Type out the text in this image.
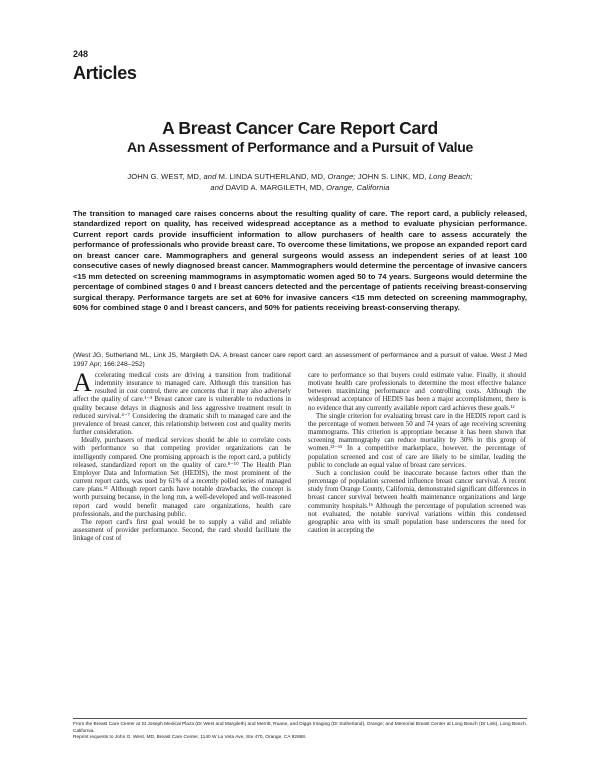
248
Articles
A Breast Cancer Care Report Card
An Assessment of Performance and a Pursuit of Value
JOHN G. WEST, MD, and M. LINDA SUTHERLAND, MD, Orange; JOHN S. LINK, MD, Long Beach;
and DAVID A. MARGILETH, MD, Orange, California
The transition to managed care raises concerns about the resulting quality of care. The report card, a publicly released, standardized report on quality, has received widespread acceptance as a method to evaluate physician performance. Current report cards provide insufficient information to allow purchasers of health care to assess accurately the performance of professionals who provide breast care. To overcome these limitations, we propose an expanded report card on breast cancer care. Mammographers and general surgeons would assess an independent series of at least 100 consecutive cases of newly diagnosed breast cancer. Mammographers would determine the percentage of invasive cancers <15 mm detected on screening mammograms in asymptomatic women aged 50 to 74 years. Surgeons would determine the percentage of combined stages 0 and I breast cancers detected and the percentage of patients receiving breast-conserving surgical therapy. Performance targets are set at 60% for invasive cancers <15 mm detected on screening mammography, 60% for combined stage 0 and I breast cancers, and 50% for patients receiving breast-conserving therapy.
(West JG, Sutherland ML, Link JS, Margileth DA. A breast cancer care report card: an assessment of performance and a pursuit of value. West J Med 1997 Apr; 166:248–252)

Accelerating medical costs are driving a transition from traditional indemnity insurance to managed care. Although this transition has resulted in cost control, there are concerns that it may also adversely affect the quality of care.¹⁻³ Breast cancer care is vulnerable to reductions in quality because delays in diagnosis and less aggressive treatment result in reduced survival.⁴⁻⁷ Considering the dramatic shift to managed care and the prevalence of breast cancer, this relationship between cost and quality merits further consideration.

Ideally, purchasers of medical services should be able to correlate costs with performance so that competing provider organizations can be intelligently compared. One promising approach is the report card, a publicly released, standardized report on the quality of care.⁸⁻¹⁰ The Health Plan Employer Data and Information Set (HEDIS), the most prominent of the current report cards, was used by 61% of a recently polled series of managed care plans.¹¹ Although report cards have notable drawbacks, the concept is worth pursuing because, in the long run, a well-developed and well-reasoned report card would benefit managed care organizations, health care professionals, and the purchasing public.

The report card's first goal would be to supply a valid and reliable assessment of provider performance. Second, the card should facilitate the linkage of cost of

care to performance so that buyers could estimate value. Finally, it should motivate health care professionals to determine the most effective balance between maximizing performance and controlling costs. Although the widespread acceptance of HEDIS has been a major accomplishment, there is no evidence that any currently available report card achieves these goals.¹²

The single criterion for evaluating breast care in the HEDIS report card is the percentage of women between 50 and 74 years of age receiving screening mammograms. This criterion is appropriate because it has been shown that screening mammography can reduce mortality by 30% in this group of women.¹³⁻¹⁵ In a competitive marketplace, however, the percentage of population screened and cost of care are likely to be similar, leading the public to conclude an equal value of breast care services.

Such a conclusion could be inaccurate because factors other than the percentage of population screened influence breast cancer survival. A recent study from Orange County, California, demonstrated significant differences in breast cancer survival between health maintenance organizations and large community hospitals.¹⁶ Although the percentage of population screened was not evaluated, the notable survival variations within this condensed geographic area with its small population base underscores the need for caution in accepting the

From the Breast Care Center at St Joseph Medical Plaza (Dr West and Margileth) and Merritt, Ruane, and Diggs Imaging (Dr Sutherland), Orange; and Memorial Breast Center at Long Beach (Dr Link), Long Beach, California.
Reprint requests to John G. West, MD, Breast Care Center, 1140 W La Veta Ave, Ste 470, Orange, CA 92868.
